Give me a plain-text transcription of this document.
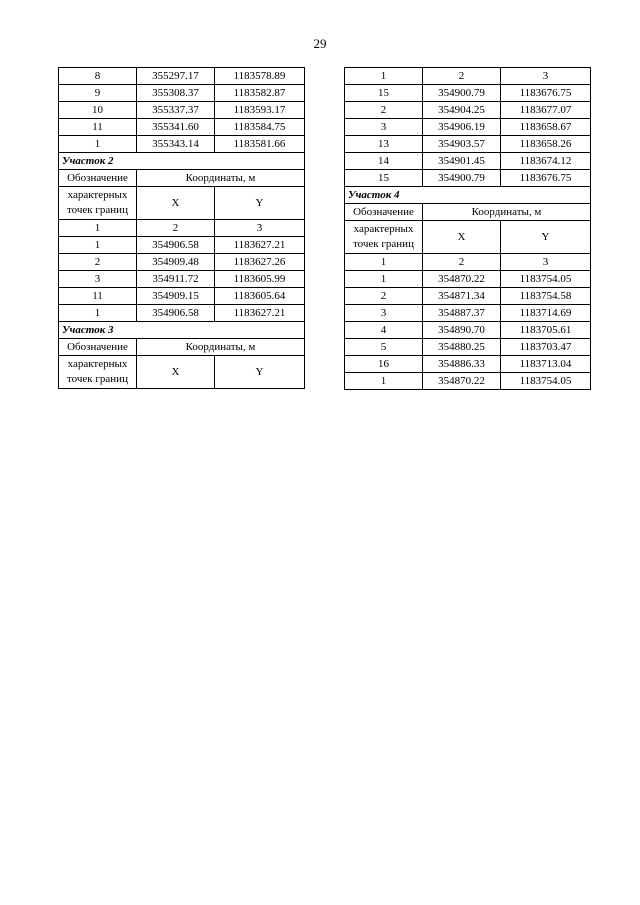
29
8	355297.17	1183578.89
9	355308.37	1183582.87
10	355337.37	1183593.17
11	355341.60	1183584.75
1	355343.14	1183581.66
Участок 2		
Обозначение	Координаты, м	

характерных
точек границ	X	Y
1	2	3
1	354906.58	1183627.21
2	354909.48	1183627.26
3	354911.72	1183605.99
11	354909.15	1183605.64
1	354906.58	1183627.21
Участок 3		
Обозначение	Координаты, м	

характерных
точек границ	X	Y
1	2	3
15	354900.79	1183676.75
2	354904.25	1183677.07
3	354906.19	1183658.67
13	354903.57	1183658.26
14	354901.45	1183674.12
15	354900.79	1183676.75
Участок 4		
Обозначение	Координаты, м	

характерных
точек границ	X	Y
1	2	3
1	354870.22	1183754.05
2	354871.34	1183754.58
3	354887.37	1183714.69
4	354890.70	1183705.61
5	354880.25	1183703.47
16	354886.33	1183713.04
1	354870.22	1183754.05
